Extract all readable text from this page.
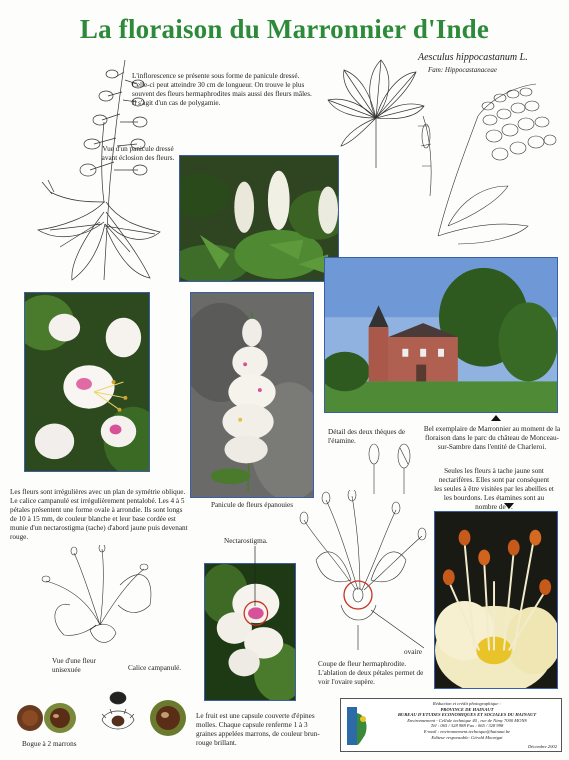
La floraison du Marronnier d'Inde
L'inflorescence se présente sous forme de panicule dressé. Celle-ci peut atteindre 30 cm de longueur. On trouve le plus souvent des fleurs hermaphrodites mais aussi des fleurs mâles. Il s'agit d'un cas de polygamie.
Vue d'un panicule dressé avant éclosion des fleurs.
Aesculus hippocastanum L.
Fam: Hippocastanaceae
Les fleurs sont irrégulières avec un plan de symétrie oblique. Le calice campanulé est irrégulièrement pentalobé. Les 4 à 5 pétales présentent une forme ovale à arrondie. Ils sont longs de 10 à 15 mm, de couleur blanche et leur base cordée est munie d'un nectarostigma (tache) d'abord jaune puis devenant rouge.
Panicule de fleurs épanouies
Détail des deux thèques de l'étamine.
Bel exemplaire de Marronnier au moment de la floraison dans le parc du château de Monceau-sur-Sambre dans l'entité de Charleroi.
Seules les fleurs à tache jaune sont nectarifères. Elles sont par conséquent les seules à être visitées par les abeilles et les bourdons. Les étamines sont au nombre de 7.
ovaire
Coupe de fleur hermaphrodite. L'ablation de deux pétales permet de voir l'ovaire supère.
Vue d'une fleur unisexuée	Calice campanulé.
Nectarostigma.
Bogue à 2 marrons
Le fruit est une capsule couverte d'épines molles. Chaque capsule renferme 1 à 3 graines appelées marrons, de couleur brun-rouge brillant.
Réduction et crédit photographique :
PROVINCE DE HAINAUT
BUREAU D'ETUDES ECONOMIQUES ET SOCIALES DU HAINAUT
Environnement - Cellule technique 40 , rue de Nimy 7000 MONS
Tél : 065 / 328 988 Fax : 065 / 328 998
E-mail : environnement.technique@hainaut.be
Editeur responsable: Gérald Moortgat
Décembre 2002
